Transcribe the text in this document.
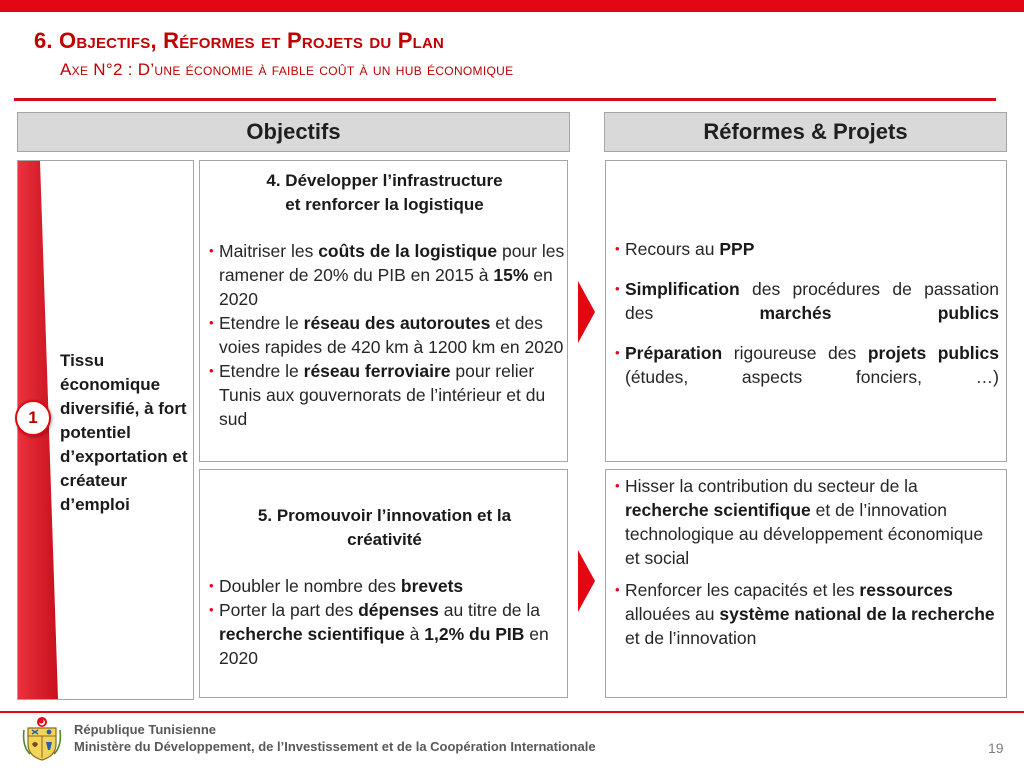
6. Objectifs, Réformes et Projets du Plan
Axe N°2 : D’une économie à faible coût à un hub économique
Objectifs	Réformes & Projets
Tissu économique diversifié, à fort potentiel d’exportation et créateur d’emploi
1
4. Développer l’infrastructure
et renforcer la logistique
• Maitriser les coûts de la logistique pour les ramener de 20% du PIB en 2015 à 15% en 2020
• Etendre le réseau des autoroutes et des voies rapides de 420 km à 1200 km en 2020
• Etendre le réseau ferroviaire pour relier Tunis aux gouvernorats de l’intérieur et du sud
5. Promouvoir l’innovation et la
créativité
• Doubler le nombre des brevets
• Porter la part des dépenses au titre de la recherche scientifique à 1,2% du PIB en 2020
• Recours au PPP
• Simplification des procédures de passation des marchés publics
• Préparation rigoureuse des projets publics (études, aspects fonciers, …)
• Hisser la contribution du secteur de la recherche scientifique et de l’innovation technologique au développement économique et social
• Renforcer les capacités et les ressources allouées au système national de la recherche et de l’innovation
République Tunisienne
Ministère du Développement, de l’Investissement et de la Coopération Internationale	19
